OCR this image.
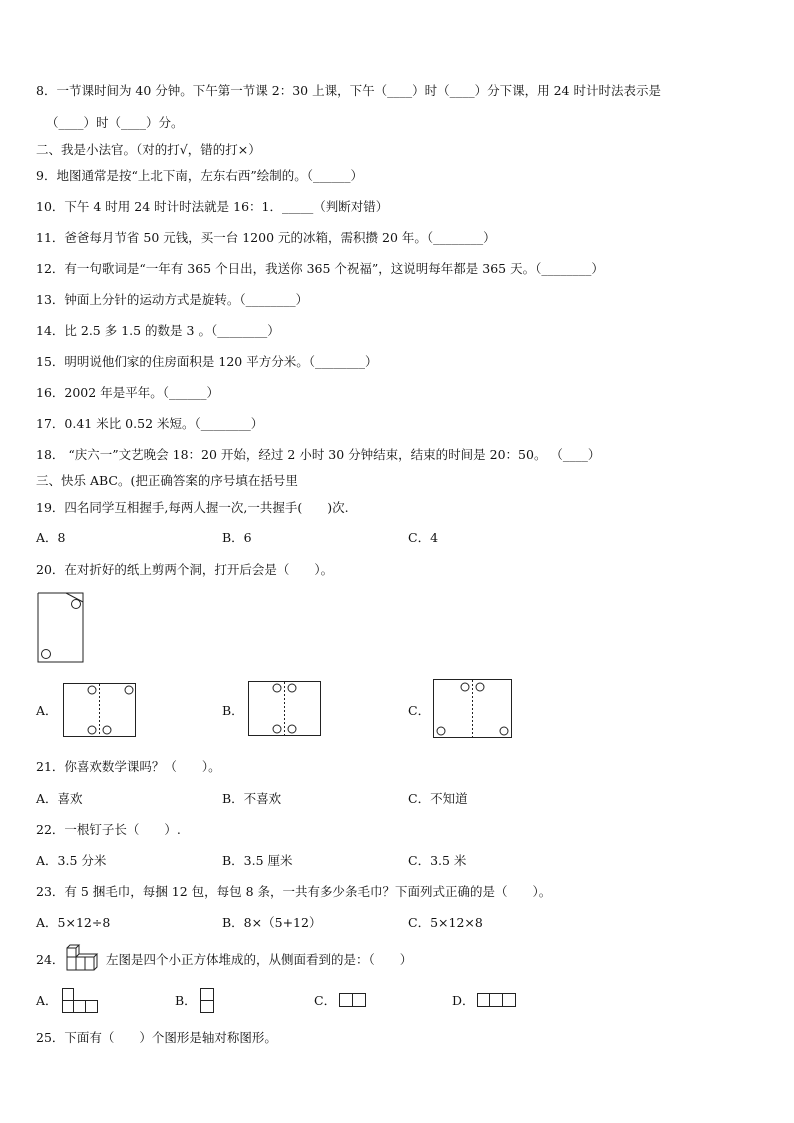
8．一节课时间为 40 分钟。下午第一节课 2：30 上课，下午（____）时（____）分下课，用 24 时计时法表示是
（____）时（____）分。
二、我是小法官。（对的打√，错的打×）
9．地图通常是按“上北下南，左东右西”绘制的。（______）
10．下午 4 时用 24 时计时法就是 16：1．_____（判断对错）
11．爸爸每月节省 50 元钱，买一台 1200 元的冰箱，需积攒 20 年。（________）
12．有一句歌词是“一年有 365 个日出，我送你 365 个祝福”，这说明每年都是 365 天。（________）
13．钟面上分针的运动方式是旋转。（________）
14．比 2.5 多 1.5 的数是 3 。（________）
15．明明说他们家的住房面积是 120 平方分米。（________）
16．2002 年是平年。（______）
17．0.41 米比 0.52 米短。（________）
18． “庆六一”文艺晚会 18：20 开始，经过 2 小时 30 分钟结束，结束的时间是 20：50。 （____）
三、快乐 ABC。(把正确答案的序号填在括号里
19．四名同学互相握手,每两人握一次,一共握手(　　)次.
A．8	B．6	C．4
20．在对折好的纸上剪两个洞，打开后会是（　　）。
A．	B．	C．
21．你喜欢数学课吗？（　　）。
A．喜欢	B．不喜欢	C．不知道
22．一根钉子长（　　）.
A．3.5 分米	B．3.5 厘米	C．3.5 米
23．有 5 捆毛巾，每捆 12 包，每包 8 条，一共有多少条毛巾？下面列式正确的是（　　）。
A．5×12÷8	B．8×（5+12）	C．5×12×8
24．	左图是四个小正方体堆成的，从侧面看到的是：（　　）
A．	B．	C．	D．
25．下面有（　　）个图形是轴对称图形。
